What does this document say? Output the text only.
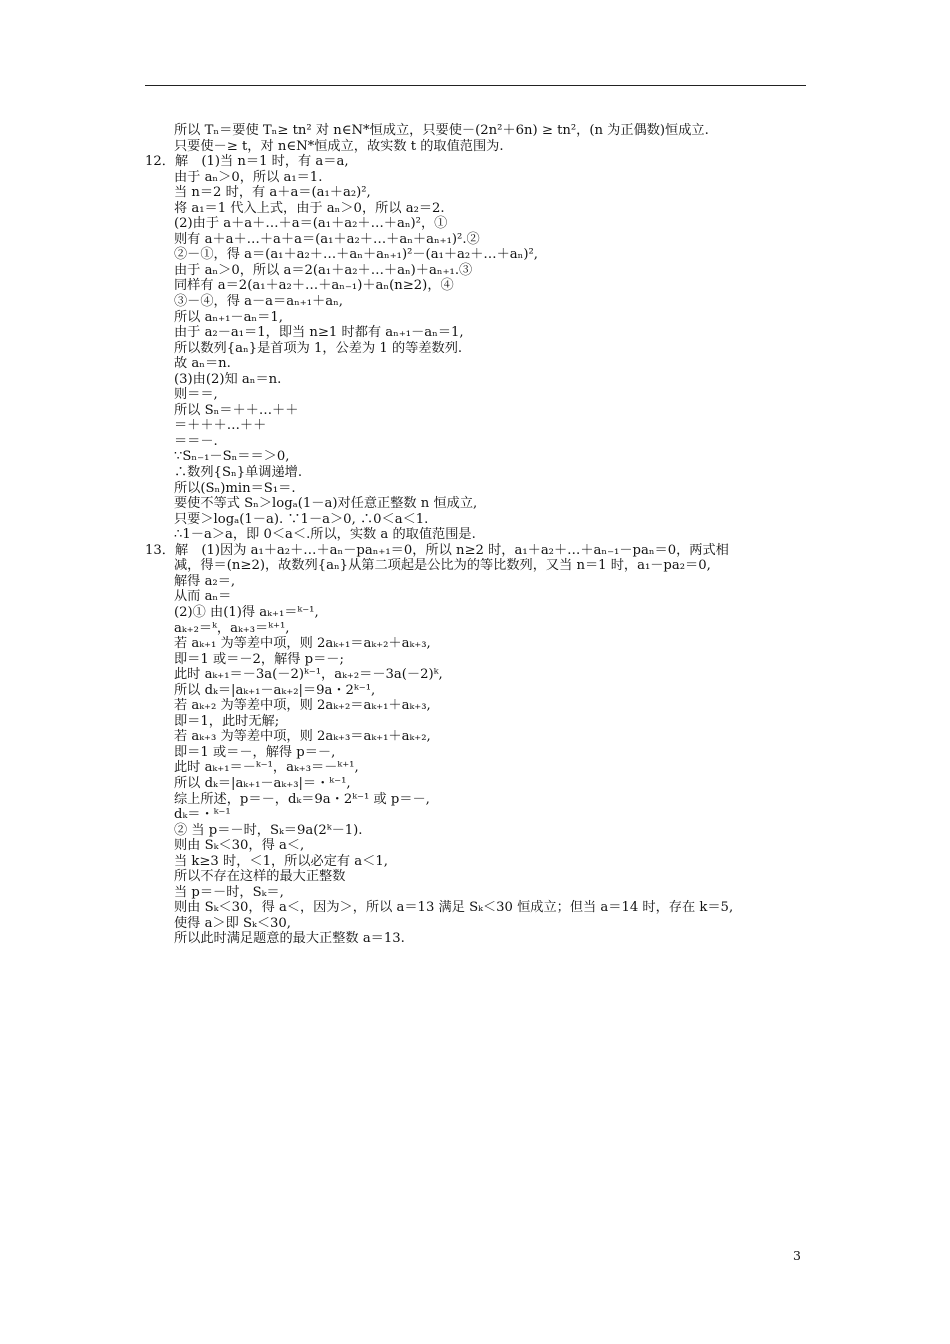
所以 Tₙ＝要使 Tₙ≥ tn² 对 n∈N*恒成立，只要使－(2n²＋6n) ≥ tn²，(n 为正偶数)恒成立.
只要使－≥ t，对 n∈N*恒成立，故实数 t 的取值范围为.
12．解　(1)当 n＝1 时，有 a＝a,
由于 aₙ＞0，所以 a₁＝1.
当 n＝2 时，有 a＋a＝(a₁＋a₂)²,
将 a₁＝1 代入上式，由于 aₙ＞0，所以 a₂＝2.
(2)由于 a＋a＋…＋a＝(a₁＋a₂＋…＋aₙ)²，①
则有 a＋a＋…＋a＋a＝(a₁＋a₂＋…＋aₙ＋aₙ₊₁)².②
②－①，得 a＝(a₁＋a₂＋…＋aₙ＋aₙ₊₁)²－(a₁＋a₂＋…＋aₙ)²,
由于 aₙ＞0，所以 a＝2(a₁＋a₂＋…＋aₙ)＋aₙ₊₁.③
同样有 a＝2(a₁＋a₂＋…＋aₙ₋₁)＋aₙ(n≥2)，④
③－④，得 a－a＝aₙ₊₁＋aₙ,
所以 aₙ₊₁－aₙ＝1,
由于 a₂－a₁＝1，即当 n≥1 时都有 aₙ₊₁－aₙ＝1,
所以数列{aₙ}是首项为 1，公差为 1 的等差数列.
故 aₙ＝n.
(3)由(2)知 aₙ＝n.
则＝＝,
所以 Sₙ＝＋＋…＋＋
＝＋＋＋…＋＋
＝＝－.
∵Sₙ₋₁－Sₙ＝＝＞0,
∴数列{Sₙ}单调递增.
所以(Sₙ)min＝S₁＝.
要使不等式 Sₙ＞logₐ(1－a)对任意正整数 n 恒成立,
只要＞logₐ(1－a). ∵1－a＞0, ∴0＜a＜1.
∴1－a＞a，即 0＜a＜.所以，实数 a 的取值范围是.
13．解　(1)因为 a₁＋a₂＋…＋aₙ－paₙ₊₁＝0，所以 n≥2 时，a₁＋a₂＋…＋aₙ₋₁－paₙ＝0，两式相
减，得＝(n≥2)，故数列{aₙ}从第二项起是公比为的等比数列，又当 n＝1 时，a₁－pa₂＝0,
解得 a₂＝,
从而 aₙ＝
(2)① 由(1)得 aₖ₊₁＝ᵏ⁻¹,
aₖ₊₂＝ᵏ，aₖ₊₃＝ᵏ⁺¹,
若 aₖ₊₁ 为等差中项，则 2aₖ₊₁＝aₖ₊₂＋aₖ₊₃,
即＝1 或＝－2，解得 p＝－;
此时 aₖ₊₁＝－3a(－2)ᵏ⁻¹，aₖ₊₂＝－3a(－2)ᵏ,
所以 dₖ＝|aₖ₊₁－aₖ₊₂|＝9a・2ᵏ⁻¹,
若 aₖ₊₂ 为等差中项，则 2aₖ₊₂＝aₖ₊₁＋aₖ₊₃,
即＝1，此时无解;
若 aₖ₊₃ 为等差中项，则 2aₖ₊₃＝aₖ₊₁＋aₖ₊₂,
即＝1 或＝－，解得 p＝－,
此时 aₖ₊₁＝－ᵏ⁻¹，aₖ₊₃＝－ᵏ⁺¹,
所以 dₖ＝|aₖ₊₁－aₖ₊₃|＝・ᵏ⁻¹,
综上所述，p＝－，dₖ＝9a・2ᵏ⁻¹ 或 p＝－,
dₖ＝・ᵏ⁻¹
② 当 p＝－时，Sₖ＝9a(2ᵏ－1).
则由 Sₖ＜30，得 a＜,
当 k≥3 时，＜1，所以必定有 a＜1,
所以不存在这样的最大正整数
当 p＝－时，Sₖ＝,
则由 Sₖ＜30，得 a＜，因为＞，所以 a＝13 满足 Sₖ＜30 恒成立；但当 a＝14 时，存在 k＝5,
使得 a＞即 Sₖ＜30,
所以此时满足题意的最大正整数 a＝13.
3
